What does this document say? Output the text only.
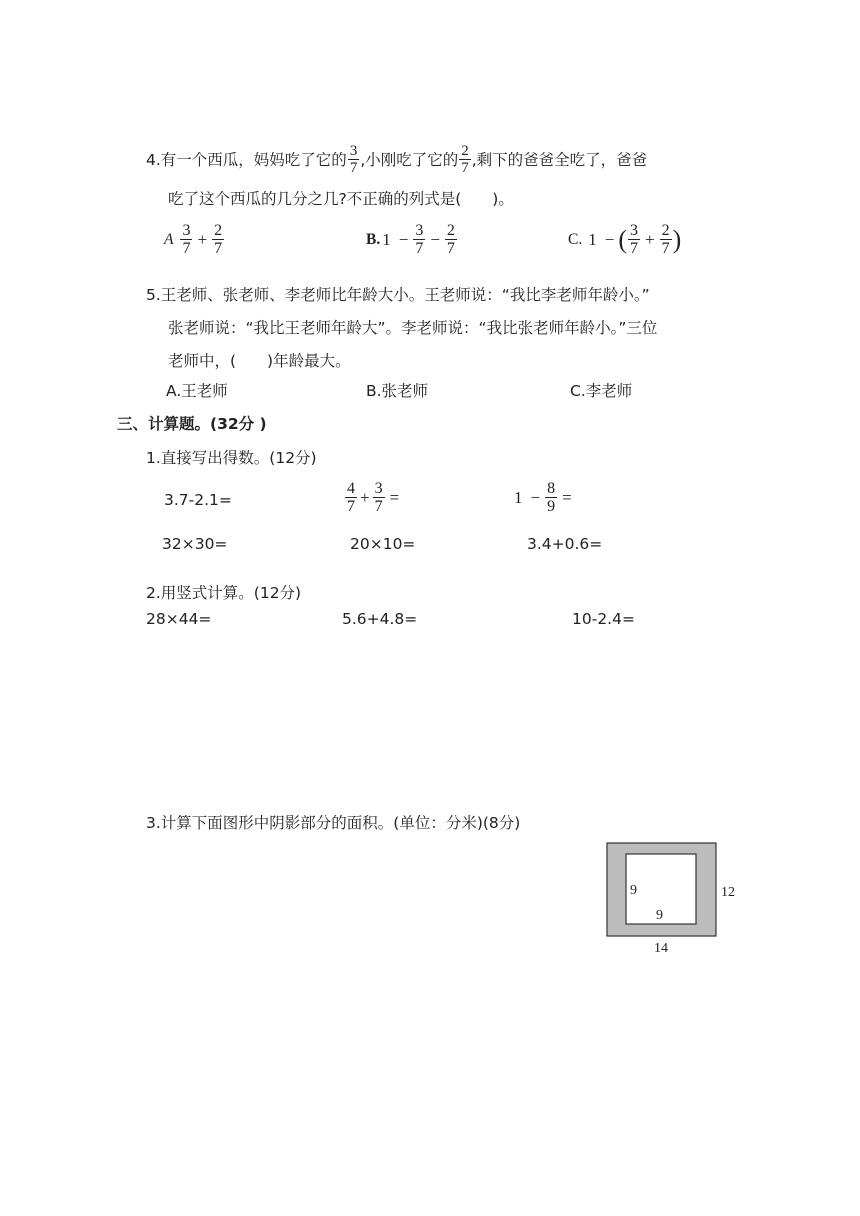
4. 有一个西瓜，妈妈吃了它的 $\frac{3}{7}$ ,小刚吃了它的 $\frac{2}{7}$ ,剩下的爸爸全吃了，爸爸
吃了这个西瓜的几分之几?不正确的列式是(　　)。
A $\frac{3}{7} + \frac{2}{7}$	B. $1 - \frac{3}{7} - \frac{2}{7}$	C. 1 − ( $\frac{3}{7} + \frac{2}{7}$ )
5.王老师、张老师、李老师比年龄大小。王老师说：“我比李老师年龄小。”
张老师说：“我比王老师年龄大”。李老师说：“我比张老师年龄小。”三位
老师中，(　　)年龄最大。
A.王老师	B.张老师	C.李老师
三、计算题。(32分 )
1.直接写出得数。(12分)
3.7-2.1=	$\frac{4}{7} + \frac{3}{7}$ =	$1 - \frac{8}{9}$ =
32×30=	20×10=	3.4+0.6=
2.用竖式计算。(12分)
28×44=	5.6+4.8=	10-2.4=
3.计算下面图形中阴影部分的面积。(单位：分米)(8分)
9
9
12
14
